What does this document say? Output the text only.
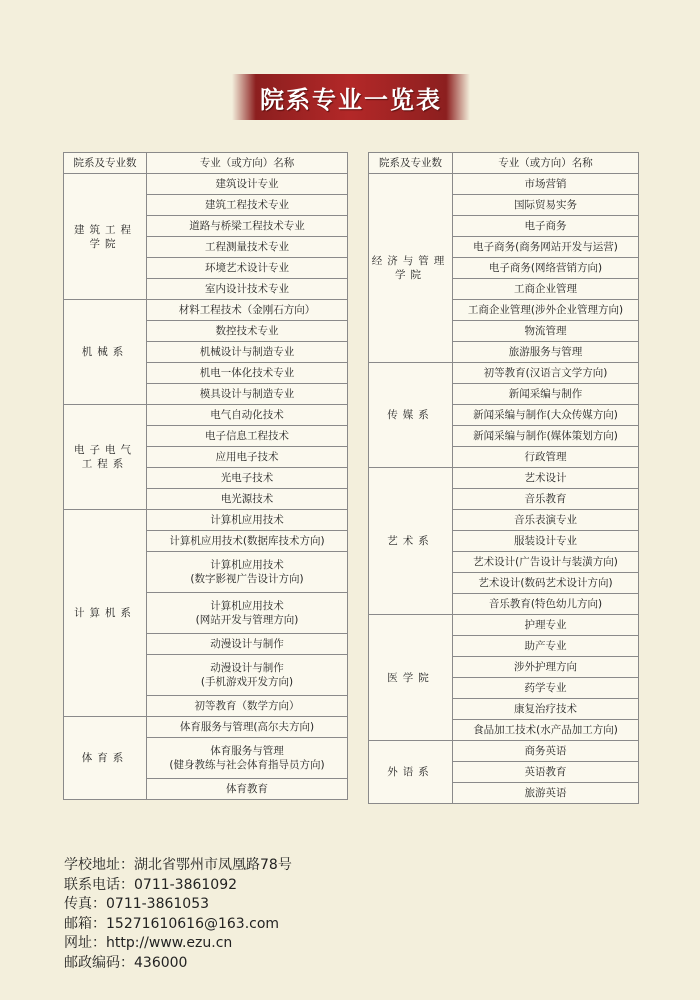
院系专业一览表
院系及专业数	专业（或方向）名称

建筑工程
学院	建筑设计专业

	建筑工程技术专业

	道路与桥梁工程技术专业

	工程测量技术专业

	环境艺术设计专业

	室内设计技术专业

机械系	材料工程技术（金刚石方向）

	数控技术专业

	机械设计与制造专业

	机电一体化技术专业

	模具设计与制造专业

电子电气
工程系	电气自动化技术

	电子信息工程技术

	应用电子技术

	光电子技术

	电光源技术

计算机系	计算机应用技术

	计算机应用技术(数据库技术方向)

	计算机应用技术
(数字影视广告设计方向)

	计算机应用技术
(网站开发与管理方向)

	动漫设计与制作

	动漫设计与制作
(手机游戏开发方向)

	初等教育（数学方向）

体育系	体育服务与管理(高尔夫方向)

	体育服务与管理
(健身教练与社会体育指导员方向)

	体育教育
院系及专业数	专业（或方向）名称

经济与管理
学院	市场营销

	国际贸易实务

	电子商务

	电子商务(商务网站开发与运营)

	电子商务(网络营销方向)

	工商企业管理

	工商企业管理(涉外企业管理方向)

	物流管理

	旅游服务与管理

传媒系	初等教育(汉语言文学方向)

	新闻采编与制作

	新闻采编与制作(大众传媒方向)

	新闻采编与制作(媒体策划方向)

	行政管理

艺术系	艺术设计

	音乐教育

	音乐表演专业

	服装设计专业

	艺术设计(广告设计与装潢方向)

	艺术设计(数码艺术设计方向)

	音乐教育(特色幼儿方向)

医学院	护理专业

	助产专业

	涉外护理方向

	药学专业

	康复治疗技术

	食品加工技术(水产品加工方向)

外语系	商务英语

	英语教育

	旅游英语
学校地址：湖北省鄂州市凤凰路78号
联系电话：0711-3861092
传真：0711-3861053
邮箱：15271610616@163.com
网址：http://www.ezu.cn
邮政编码：436000
